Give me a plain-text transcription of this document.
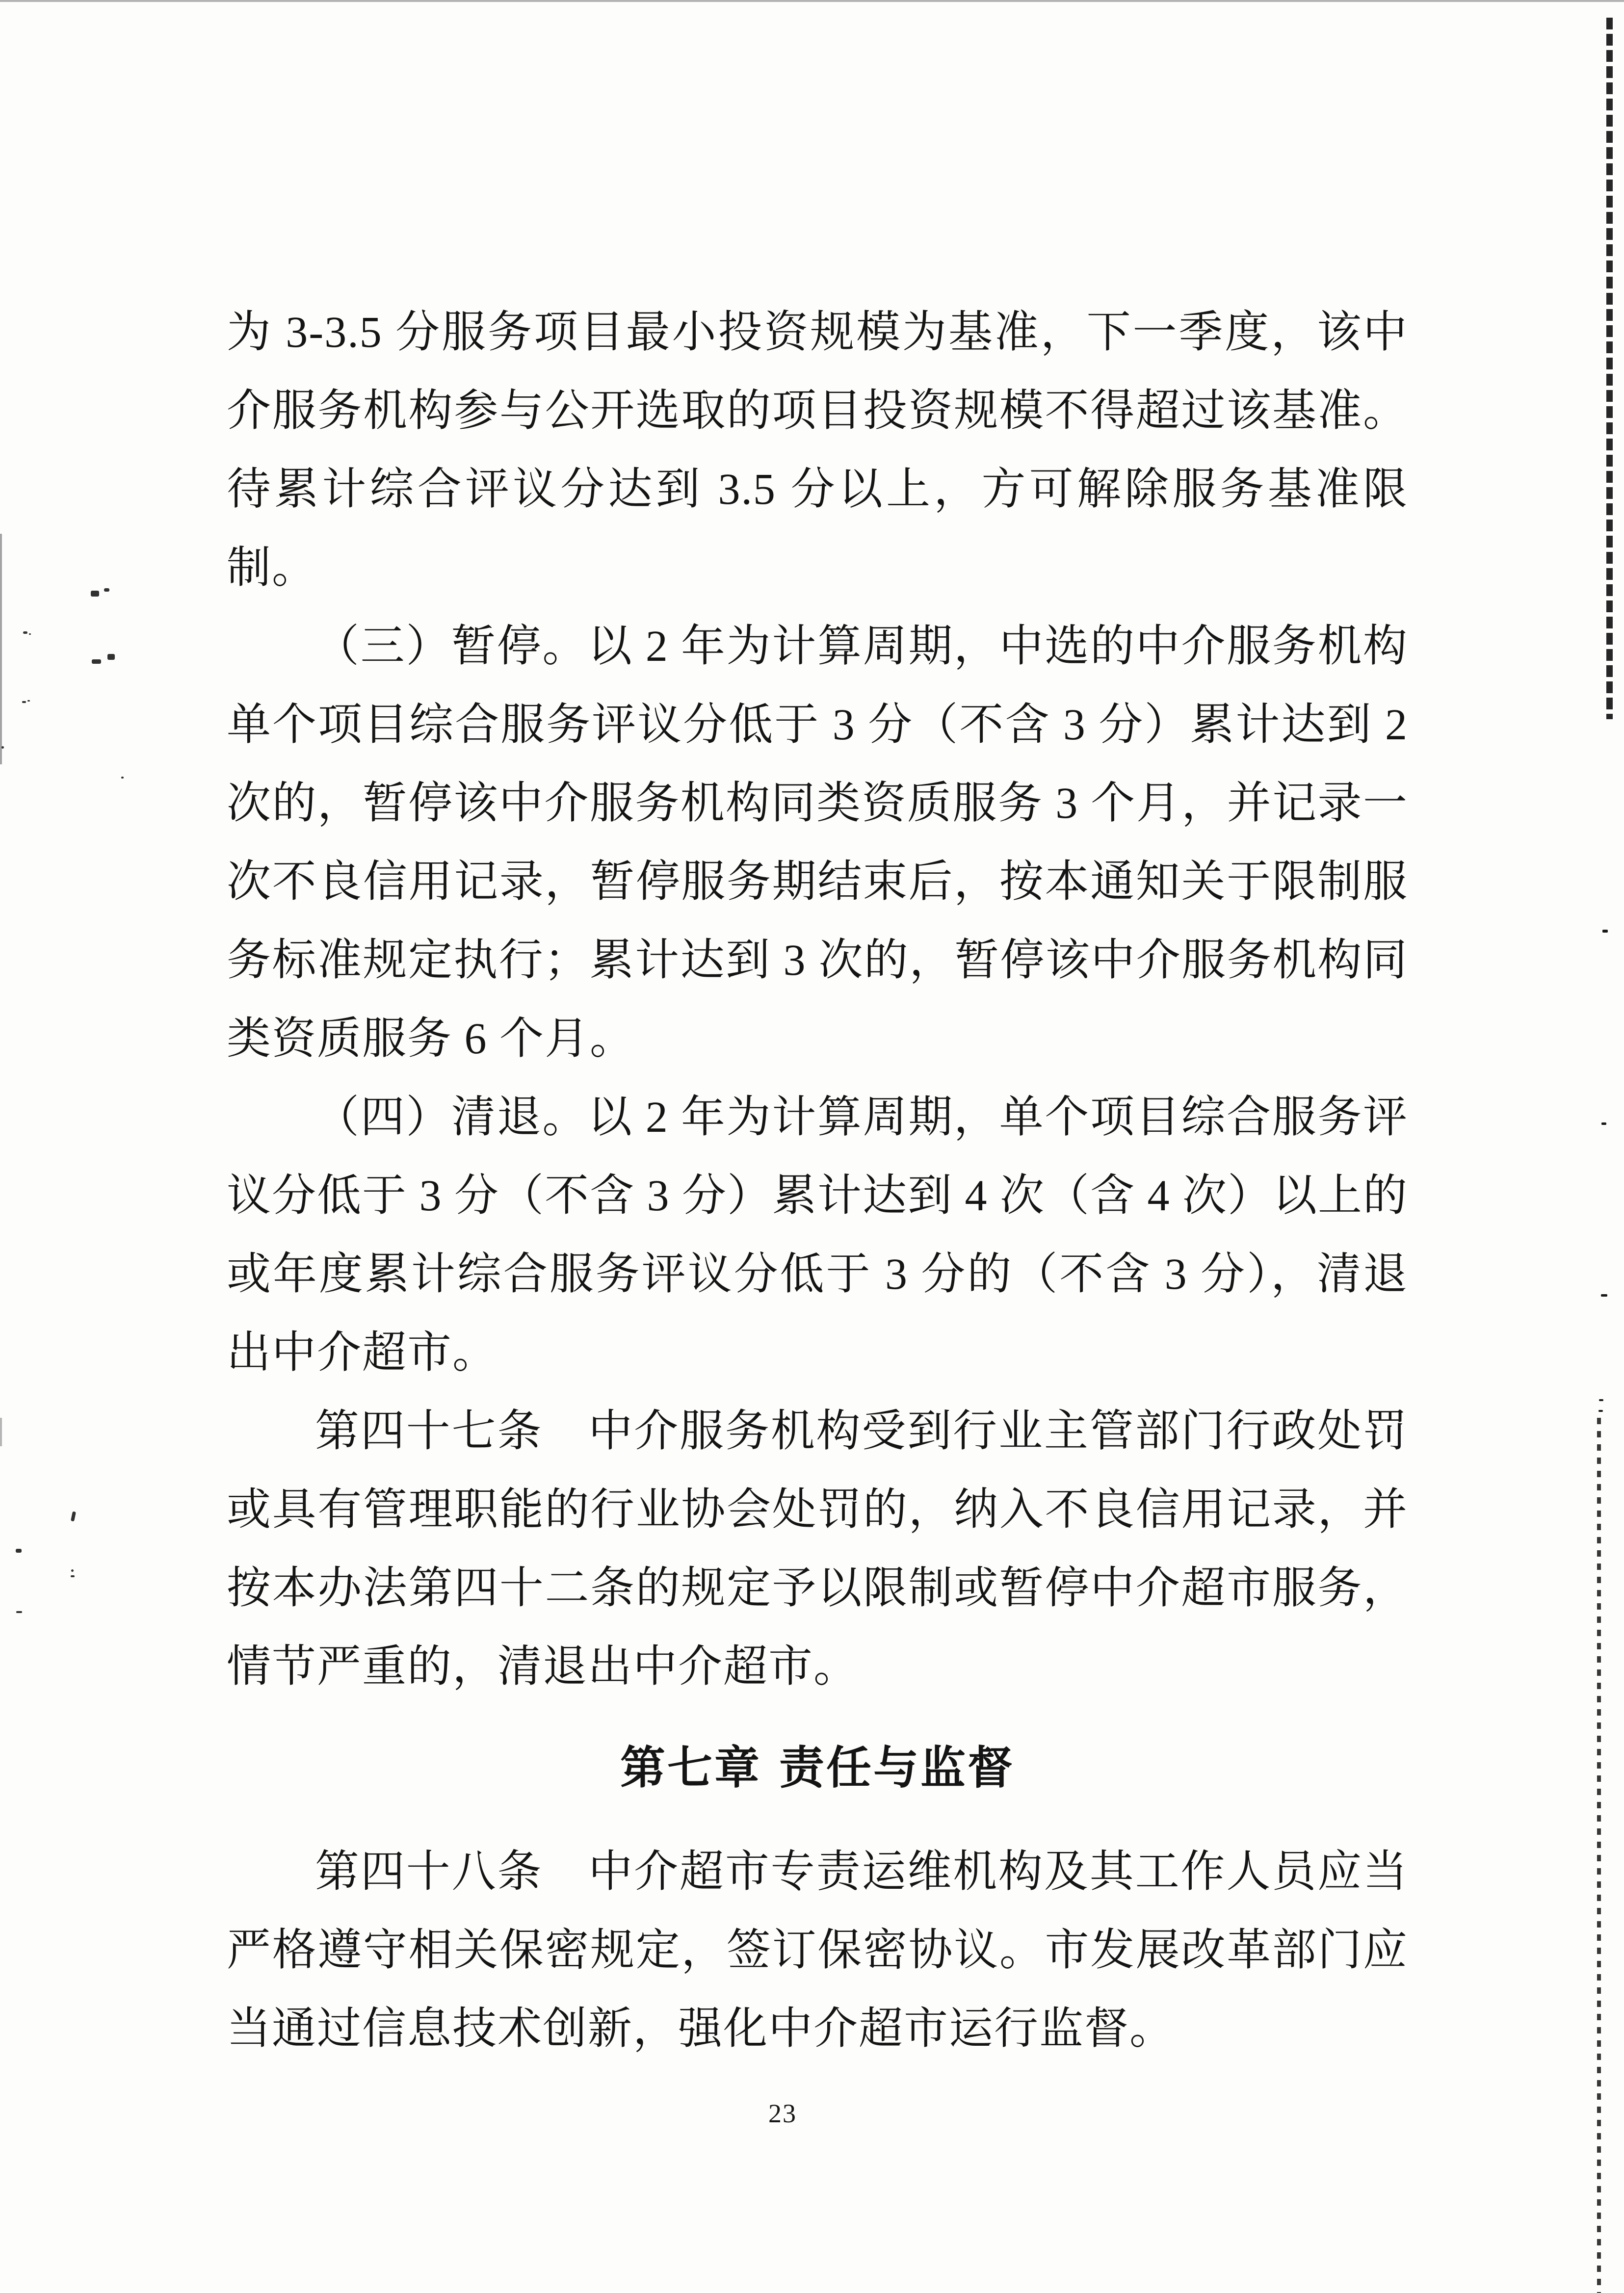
为 3-3.5 分服务项目最小投资规模为基准，下一季度，该中介服务机构参与公开选取的项目投资规模不得超过该基准。待累计综合评议分达到 3.5 分以上，方可解除服务基准限制。

（三）暂停。以 2 年为计算周期，中选的中介服务机构单个项目综合服务评议分低于 3 分（不含 3 分）累计达到 2 次的，暂停该中介服务机构同类资质服务 3 个月，并记录一次不良信用记录，暂停服务期结束后，按本通知关于限制服务标准规定执行；累计达到 3 次的，暂停该中介服务机构同类资质服务 6 个月。

（四）清退。以 2 年为计算周期，单个项目综合服务评议分低于 3 分（不含 3 分）累计达到 4 次（含 4 次）以上的或年度累计综合服务评议分低于 3 分的（不含 3 分），清退出中介超市。

第四十七条　中介服务机构受到行业主管部门行政处罚或具有管理职能的行业协会处罚的，纳入不良信用记录，并按本办法第四十二条的规定予以限制或暂停中介超市服务，情节严重的，清退出中介超市。

第七章 责任与监督

第四十八条　中介超市专责运维机构及其工作人员应当严格遵守相关保密规定，签订保密协议。市发展改革部门应当通过信息技术创新，强化中介超市运行监督。

23
